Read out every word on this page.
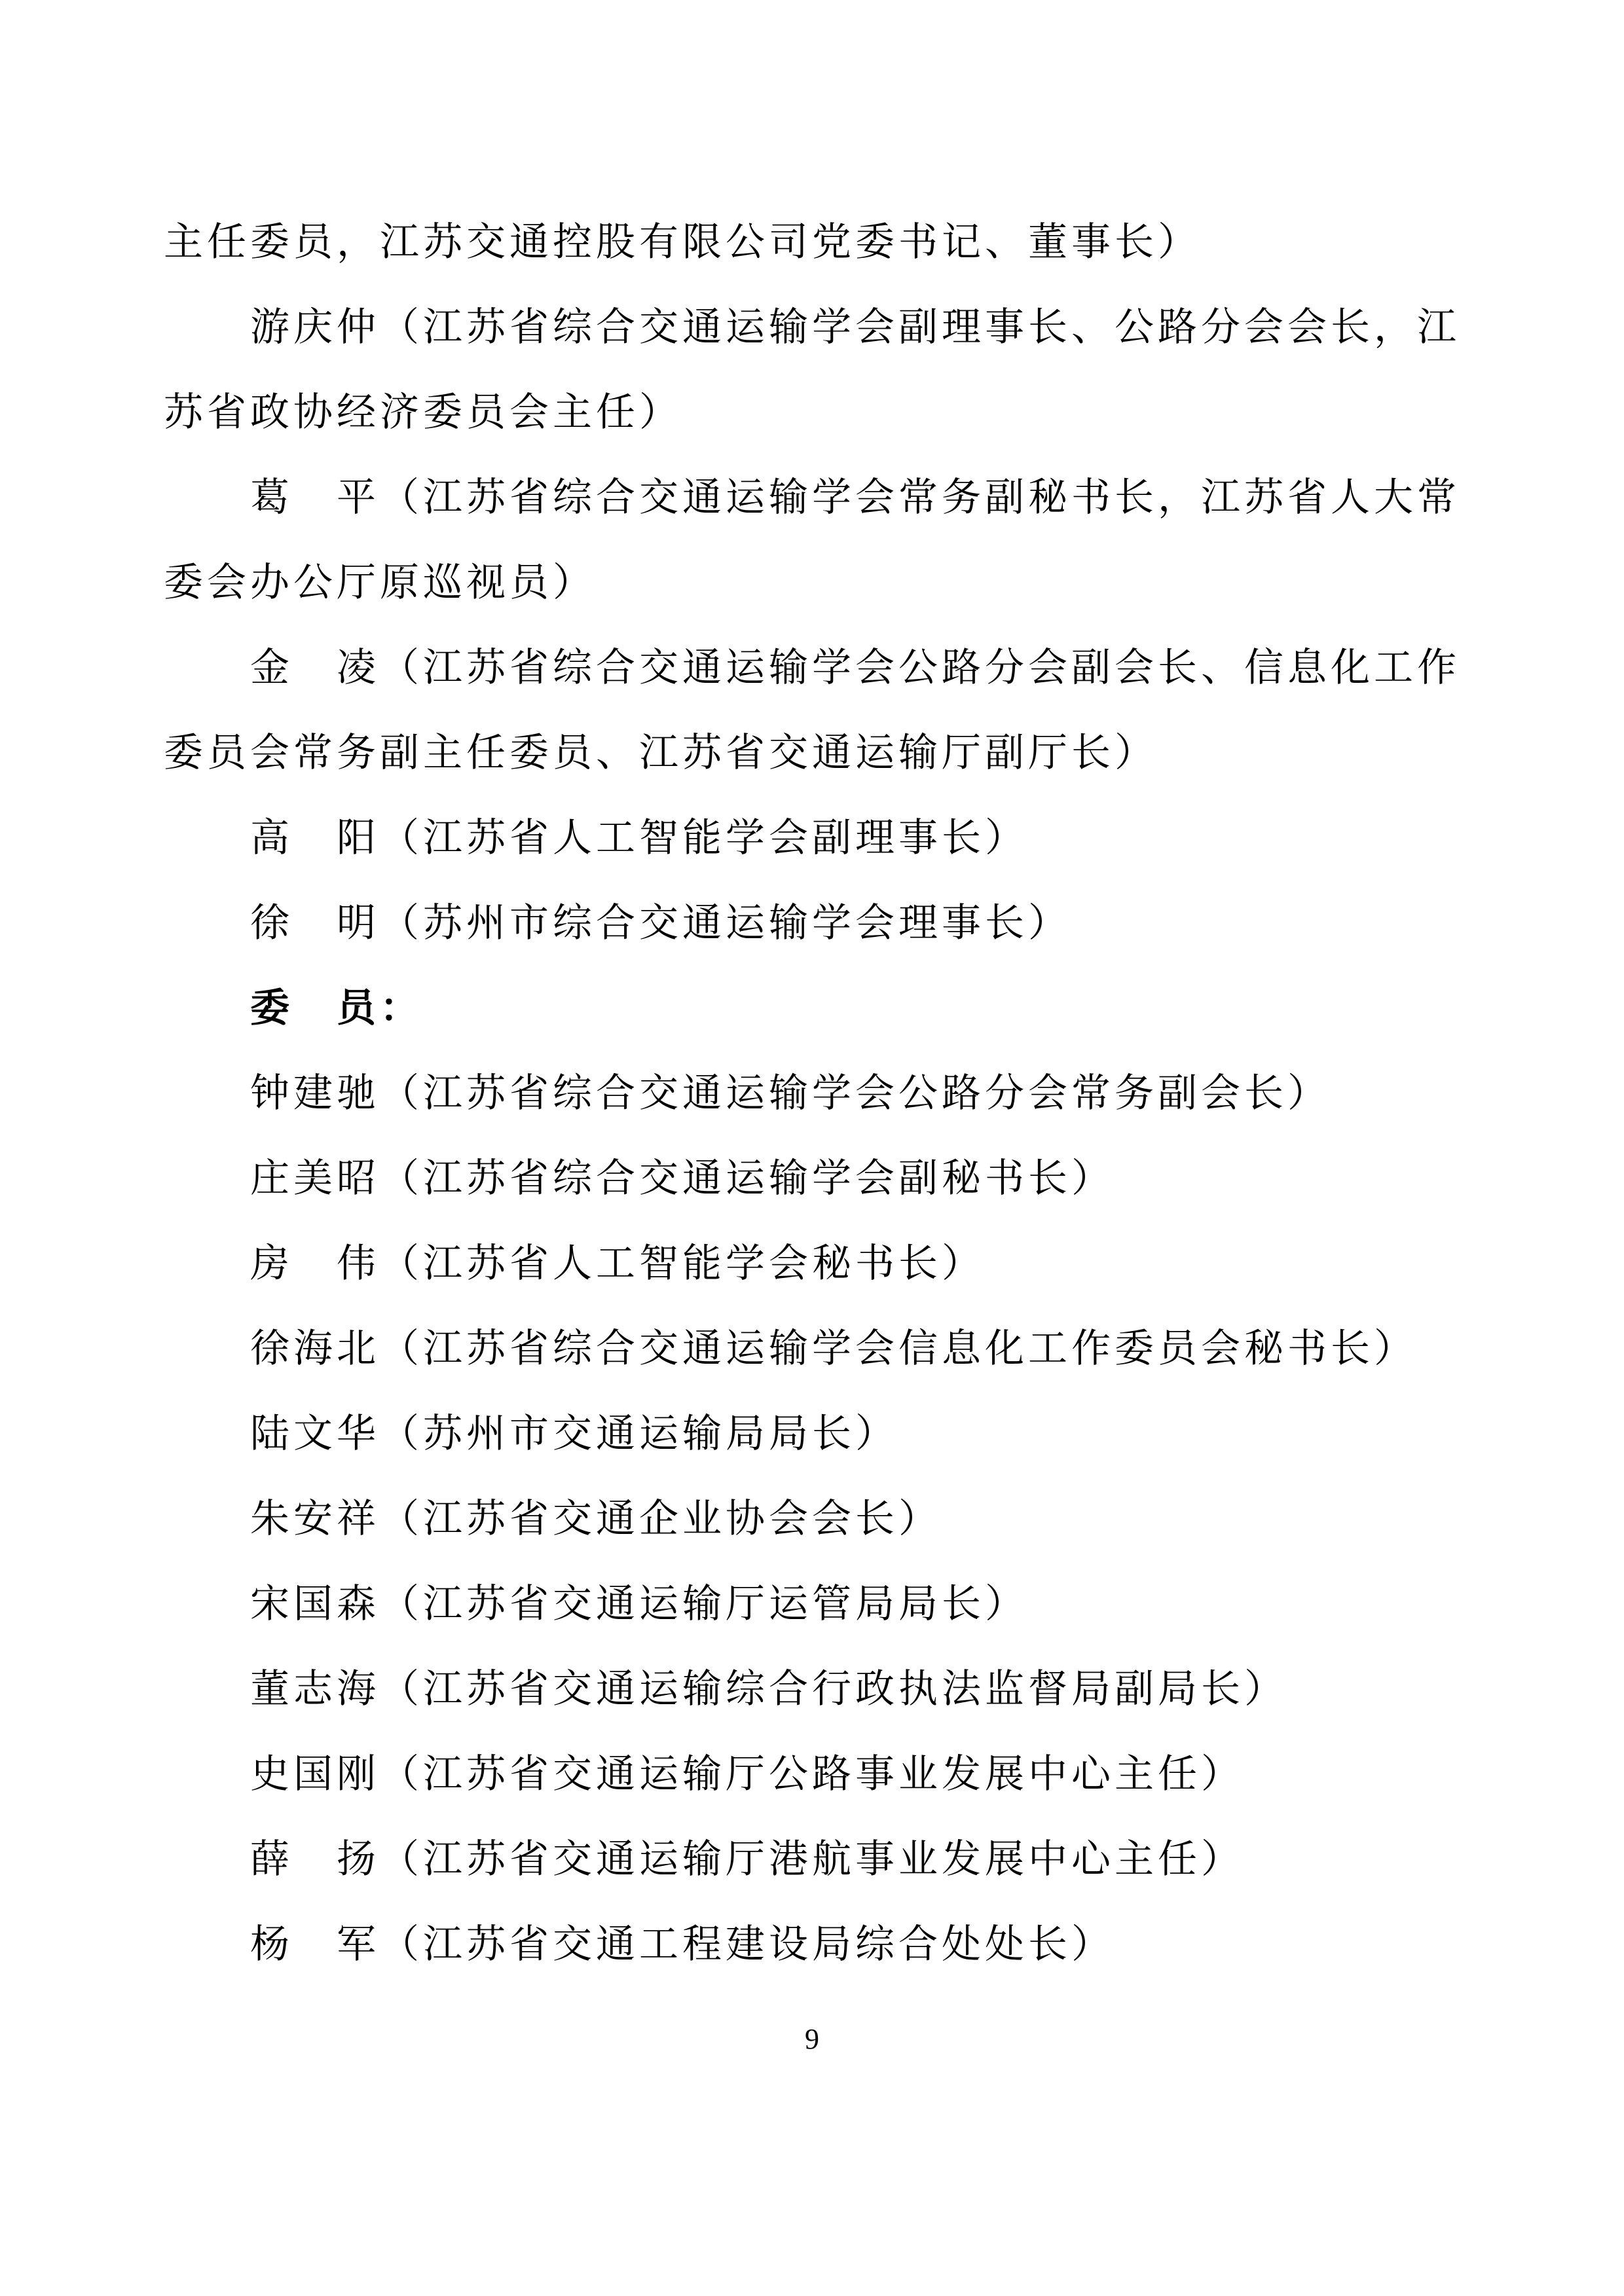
主任委员，江苏交通控股有限公司党委书记、董事长）
游庆仲（江苏省综合交通运输学会副理事长、公路分会会长，江
苏省政协经济委员会主任）
葛　平（江苏省综合交通运输学会常务副秘书长，江苏省人大常
委会办公厅原巡视员）
金　凌（江苏省综合交通运输学会公路分会副会长、信息化工作
委员会常务副主任委员、江苏省交通运输厅副厅长）
高　阳（江苏省人工智能学会副理事长）
徐　明（苏州市综合交通运输学会理事长）
委　员：
钟建驰（江苏省综合交通运输学会公路分会常务副会长）
庄美昭（江苏省综合交通运输学会副秘书长）
房　伟（江苏省人工智能学会秘书长）
徐海北（江苏省综合交通运输学会信息化工作委员会秘书长）
陆文华（苏州市交通运输局局长）
朱安祥（江苏省交通企业协会会长）
宋国森（江苏省交通运输厅运管局局长）
董志海（江苏省交通运输综合行政执法监督局副局长）
史国刚（江苏省交通运输厅公路事业发展中心主任）
薛　扬（江苏省交通运输厅港航事业发展中心主任）
杨　军（江苏省交通工程建设局综合处处长）
9
